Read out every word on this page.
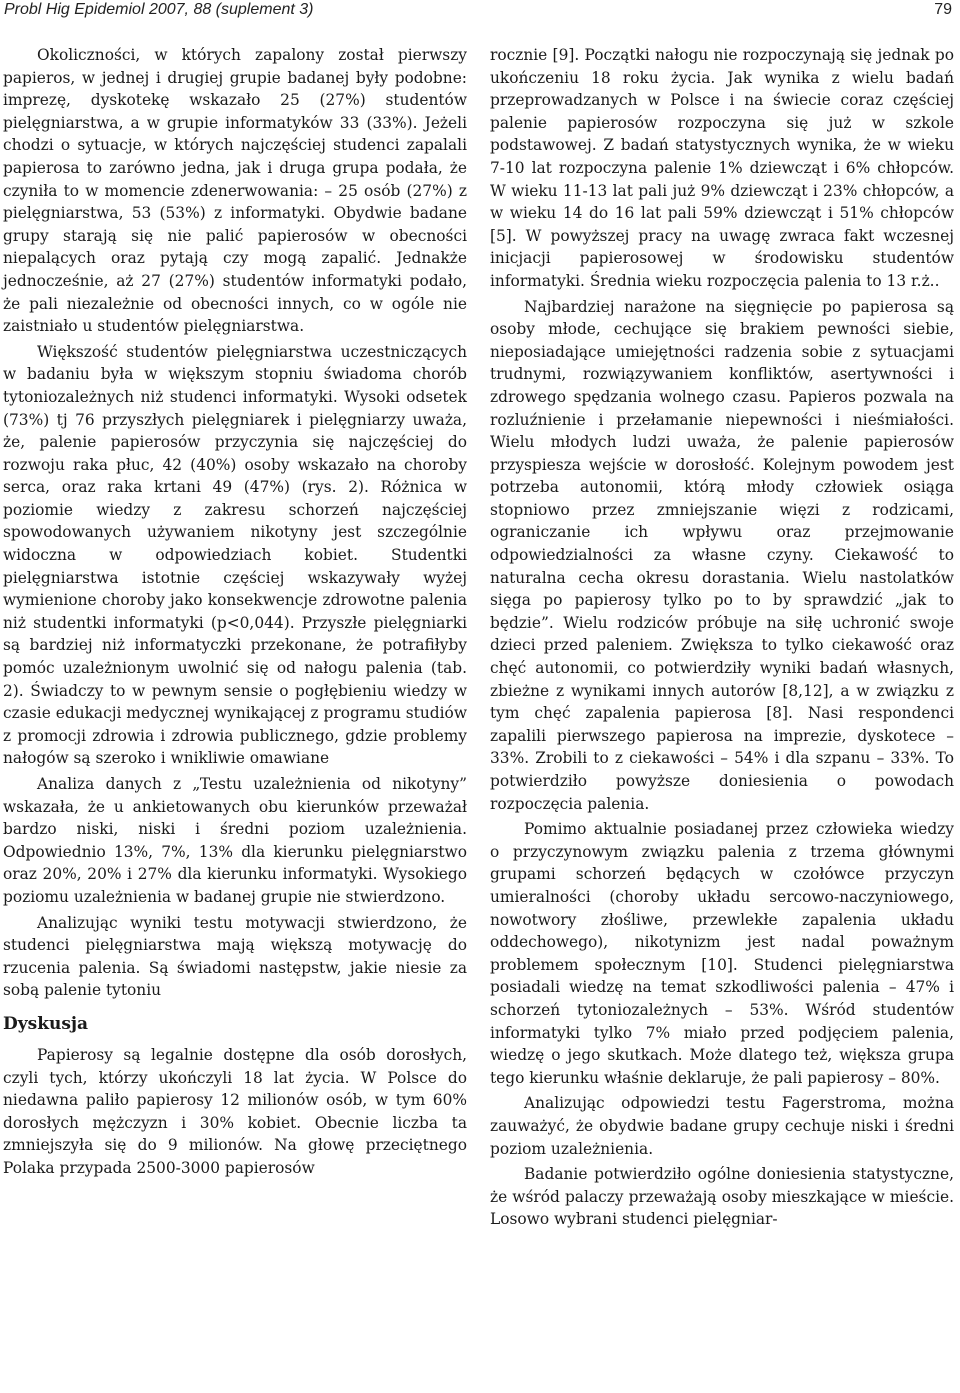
Probl Hig Epidemiol 2007, 88 (suplement 3)	79

Okoliczności, w których zapalony został pierwszy papieros, w jednej i drugiej grupie badanej były podobne: imprezę, dyskotekę wskazało 25 (27%) studentów pielęgniarstwa, a w grupie informatyków 33 (33%). Jeżeli chodzi o sytuacje, w których najczęściej studenci zapalali papierosa to zarówno jedna, jak i druga grupa podała, że czyniła to w momencie zdenerwowania: – 25 osób (27%) z pielęgniarstwa, 53 (53%) z informatyki. Obydwie badane grupy starają się nie palić papierosów w obecności niepalących oraz pytają czy mogą zapalić. Jednakże jednocześnie, aż 27 (27%) studentów informatyki podało, że pali niezależnie od obecności innych, co w ogóle nie zaistniało u studentów pielęgniarstwa.

Większość studentów pielęgniarstwa uczestniczących w badaniu była w większym stopniu świadoma chorób tytoniozależnych niż studenci informatyki. Wysoki odsetek (73%) tj 76 przyszłych pielęgniarek i pielęgniarzy uważa, że, palenie papierosów przyczynia się najczęściej do rozwoju raka płuc, 42 (40%) osoby wskazało na choroby serca, oraz raka krtani 49 (47%) (rys. 2). Różnica w poziomie wiedzy z zakresu schorzeń najczęściej spowodowanych używaniem nikotyny jest szczególnie widoczna w odpowiedziach kobiet. Studentki pielęgniarstwa istotnie częściej wskazywały wyżej wymienione choroby jako konsekwencje zdrowotne palenia niż studentki informatyki (p<0,044). Przyszłe pielęgniarki są bardziej niż informatyczki przekonane, że potrafiłyby pomóc uzależnionym uwolnić się od nałogu palenia (tab. 2). Świadczy to w pewnym sensie o pogłębieniu wiedzy w czasie edukacji medycznej wynikającej z programu studiów z promocji zdrowia i zdrowia publicznego, gdzie problemy nałogów są szeroko i wnikliwie omawiane

Analiza danych z „Testu uzależnienia od nikotyny” wskazała, że u ankietowanych obu kierunków przeważał bardzo niski, niski i średni poziom uzależnienia. Odpowiednio 13%, 7%, 13% dla kierunku pielęgniarstwo oraz 20%, 20% i 27% dla kierunku informatyki. Wysokiego poziomu uzależnienia w badanej grupie nie stwierdzono.

Analizując wyniki testu motywacji stwierdzono, że studenci pielęgniarstwa mają większą motywację do rzucenia palenia. Są świadomi następstw, jakie niesie za sobą palenie tytoniu

Dyskusja

Papierosy są legalnie dostępne dla osób dorosłych, czyli tych, którzy ukończyli 18 lat życia. W Polsce do niedawna paliło papierosy 12 milionów osób, w tym 60% dorosłych mężczyzn i 30% kobiet. Obecnie liczba ta zmniejszyła się do 9 milionów. Na głowę przeciętnego Polaka przypada 2500-3000 papierosów

rocznie [9]. Początki nałogu nie rozpoczynają się jednak po ukończeniu 18 roku życia. Jak wynika z wielu badań przeprowadzanych w Polsce i na świecie coraz częściej palenie papierosów rozpoczyna się już w szkole podstawowej. Z badań statystycznych wynika, że w wieku 7-10 lat rozpoczyna palenie 1% dziewcząt i 6% chłopców. W wieku 11-13 lat pali już 9% dziewcząt i 23% chłopców, a w wieku 14 do 16 lat pali 59% dziewcząt i 51% chłopców [5]. W powyższej pracy na uwagę zwraca fakt wczesnej inicjacji papierosowej w środowisku studentów informatyki. Średnia wieku rozpoczęcia palenia to 13 r.ż..

Najbardziej narażone na sięgnięcie po papierosa są osoby młode, cechujące się brakiem pewności siebie, nieposiadające umiejętności radzenia sobie z sytuacjami trudnymi, rozwiązywaniem konfliktów, asertywności i zdrowego spędzania wolnego czasu. Papieros pozwala na rozluźnienie i przełamanie niepewności i nieśmiałości. Wielu młodych ludzi uważa, że palenie papierosów przyspiesza wejście w dorosłość. Kolejnym powodem jest potrzeba autonomii, którą młody człowiek osiąga stopniowo przez zmniejszanie więzi z rodzicami, ograniczanie ich wpływu oraz przejmowanie odpowiedzialności za własne czyny. Ciekawość to naturalna cecha okresu dorastania. Wielu nastolatków sięga po papierosy tylko po to by sprawdzić „jak to będzie”. Wielu rodziców próbuje na siłę uchronić swoje dzieci przed paleniem. Zwiększa to tylko ciekawość oraz chęć autonomii, co potwierdziły wyniki badań własnych, zbieżne z wynikami innych autorów [8,12], a w związku z tym chęć zapalenia papierosa [8]. Nasi respondenci zapalili pierwszego papierosa na imprezie, dyskotece – 33%. Zrobili to z ciekawości – 54% i dla szpanu – 33%. To potwierdziło powyższe doniesienia o powodach rozpoczęcia palenia.

Pomimo aktualnie posiadanej przez człowieka wiedzy o przyczynowym związku palenia z trzema głównymi grupami schorzeń będących w czołówce przyczyn umieralności (choroby układu sercowo-naczyniowego, nowotwory złośliwe, przewlekłe zapalenia układu oddechowego), nikotynizm jest nadal poważnym problemem społecznym [10]. Studenci pielęgniarstwa posiadali wiedzę na temat szkodliwości palenia – 47% i schorzeń tytoniozależnych – 53%. Wśród studentów informatyki tylko 7% miało przed podjęciem palenia, wiedzę o jego skutkach. Może dlatego też, większa grupa tego kierunku właśnie deklaruje, że pali papierosy – 80%.

Analizując odpowiedzi testu Fagerstroma, można zauważyć, że obydwie badane grupy cechuje niski i średni poziom uzależnienia.

Badanie potwierdziło ogólne doniesienia statystyczne, że wśród palaczy przeważają osoby mieszkające w mieście. Losowo wybrani studenci pielęgniar-
